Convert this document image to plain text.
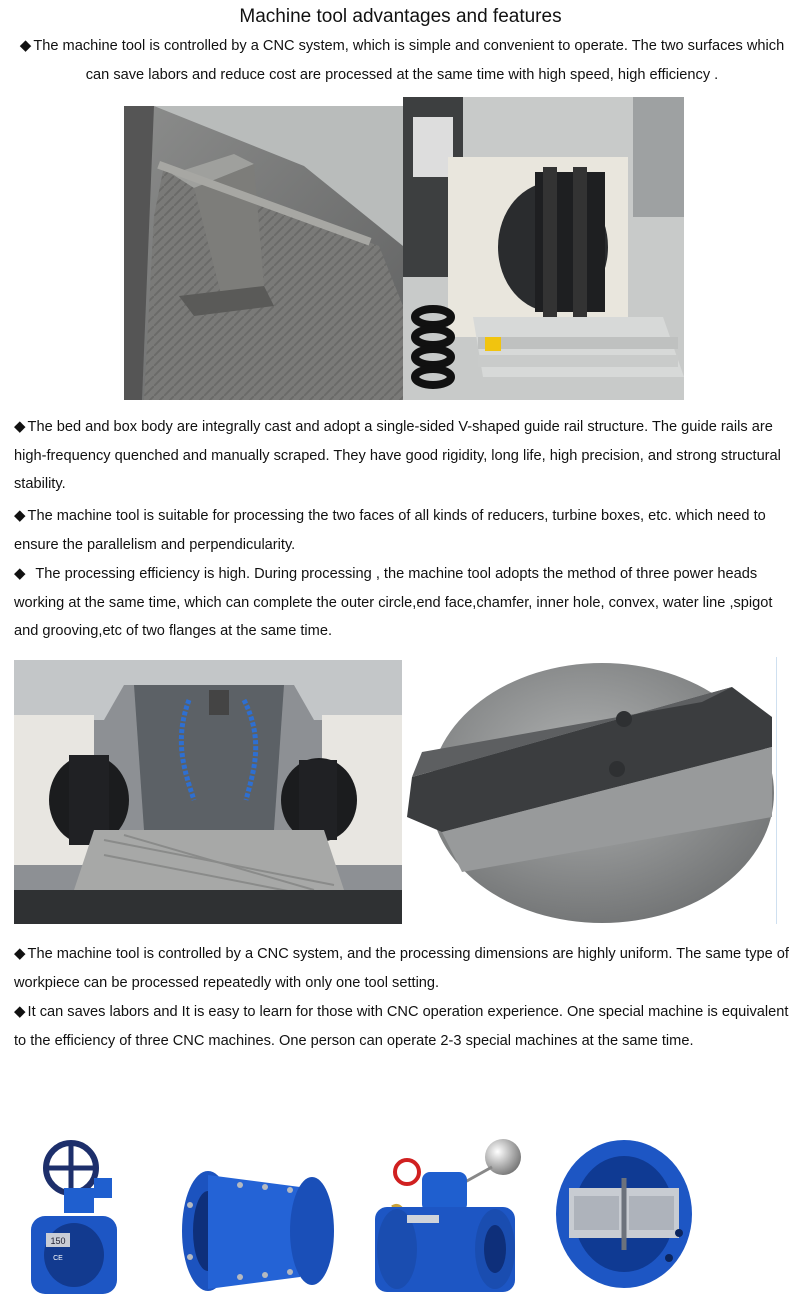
Machine tool advantages and features

◆ The machine tool is controlled by a CNC system, which is simple and convenient to operate. The two surfaces which can save labors and reduce cost are processed at the same time with high speed, high efficiency .

◆ The bed and box body are integrally cast and adopt a single-sided V-shaped guide rail structure. The guide rails are high-frequency quenched and manually scraped. They have good rigidity, long life, high precision, and strong structural stability.

◆ The machine tool is suitable for processing the two faces of all kinds of reducers, turbine boxes, etc. which need to ensure the parallelism and perpendicularity.

◆  The processing efficiency is high. During processing , the machine tool adopts the method of three power heads working at the same time, which can complete the outer circle,end face,chamfer, inner hole, convex, water line ,spigot and grooving,etc of two flanges at the same time.

◆ The machine tool is controlled by a CNC system, and the processing dimensions are highly uniform. The same type of workpiece can be processed repeatedly with only one tool setting.

◆ It can saves labors and It is easy to learn for those with CNC operation experience. One special machine is equivalent to the efficiency of three CNC machines. One person can operate 2-3 special machines at the same time.

150
CE
